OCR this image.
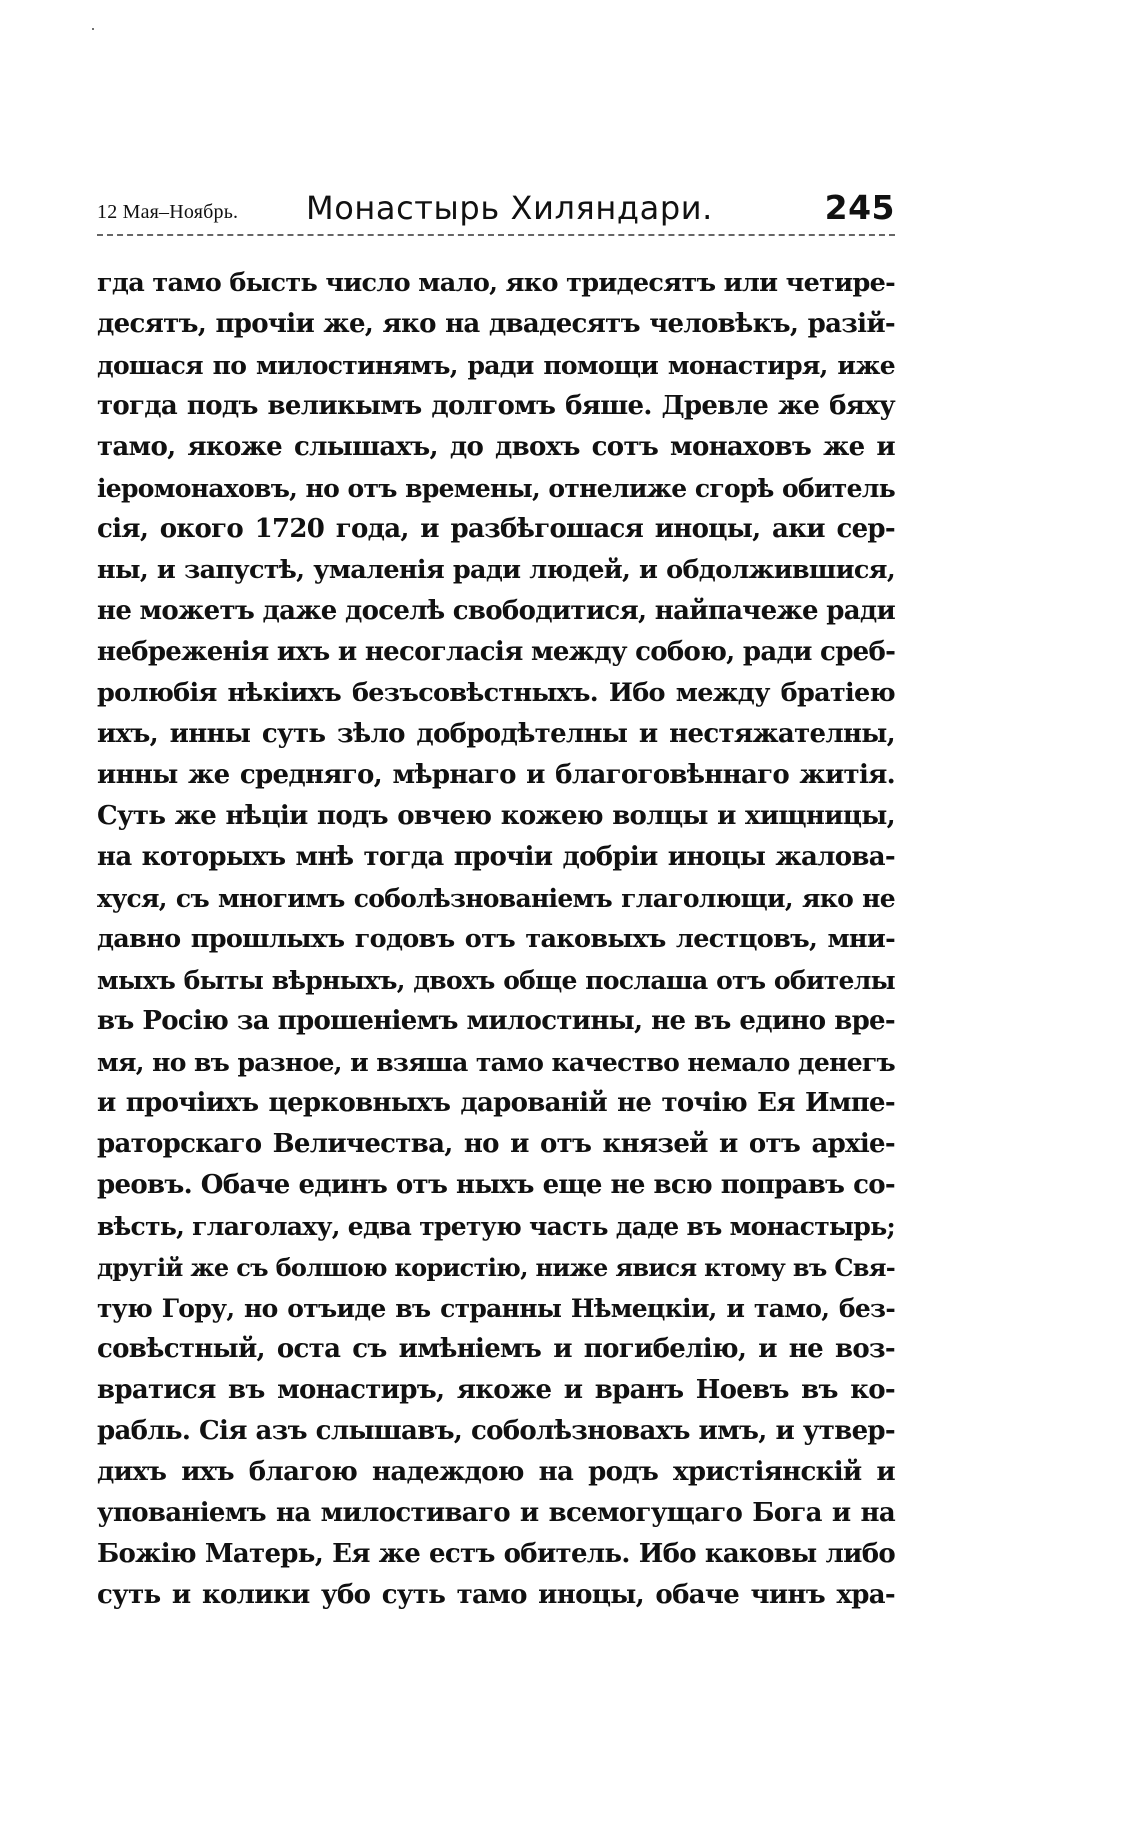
12 Мая–Ноябрь. Монастырь Хиляндари.	245
гда тамо бысть число мало, яко тридесятъ или четире-
десятъ, прочіи же, яко на двадесятъ человѣкъ, разій-
дошася по милостинямъ, ради помощи монастиря, иже
тогда подъ великымъ долгомъ бяше. Древле же бяху
тамо, якоже слышахъ, до двохъ сотъ монаховъ же и
іеромонаховъ, но отъ времены, отнелиже сгорѣ обитель
сія, окого 1720 года, и разбѣгошася иноцы, аки сер-
ны, и запустѣ, умаленія ради людей, и обдолжившися,
не можетъ даже доселѣ свободитися, найпачеже ради
небреженія ихъ и несогласія между собою, ради среб-
ролюбія нѣкіихъ безъсовѣстныхъ. Ибо между братіею
ихъ, инны суть зѣло добродѣтелны и нестяжателны,
инны же средняго, мѣрнаго и благоговѣннаго житія.
Суть же нѣціи подъ овчею кожею волцы и хищницы,
на которыхъ мнѣ тогда прочіи добріи иноцы жалова-
хуся, съ многимъ соболѣзнованіемъ глаголющи, яко не
давно прошлыхъ годовъ отъ таковыхъ лестцовъ, мни-
мыхъ быты вѣрныхъ, двохъ обще послаша отъ обителы
въ Росію за прошеніемъ милостины, не въ едино вре-
мя, но въ разное, и взяша тамо качество немало денегъ
и прочіихъ церковныхъ дарованій не точію Ея Импе-
раторскаго Величества, но и отъ князей и отъ архіе-
реовъ. Обаче единъ отъ ныхъ еще не всю поправъ со-
вѣсть, глаголаху, едва третую часть даде въ монастырь;
другій же съ болшою користію, ниже явися ктому въ Свя-
тую Гору, но отъиде въ странны Нѣмецкіи, и тамо, без-
совѣстный, оста съ имѣніемъ и погибелію, и не воз-
вратися въ монастиръ, якоже и вранъ Ноевъ въ ко-
рабль. Сія азъ слышавъ, соболѣзновахъ имъ, и утвер-
дихъ ихъ благою надеждою на родъ христіянскій и
упованіемъ на милостиваго и всемогущаго Бога и на
Божію Матерь, Ея же естъ обитель. Ибо каковы либо
суть и колики убо суть тамо иноцы, обаче чинъ хра-
